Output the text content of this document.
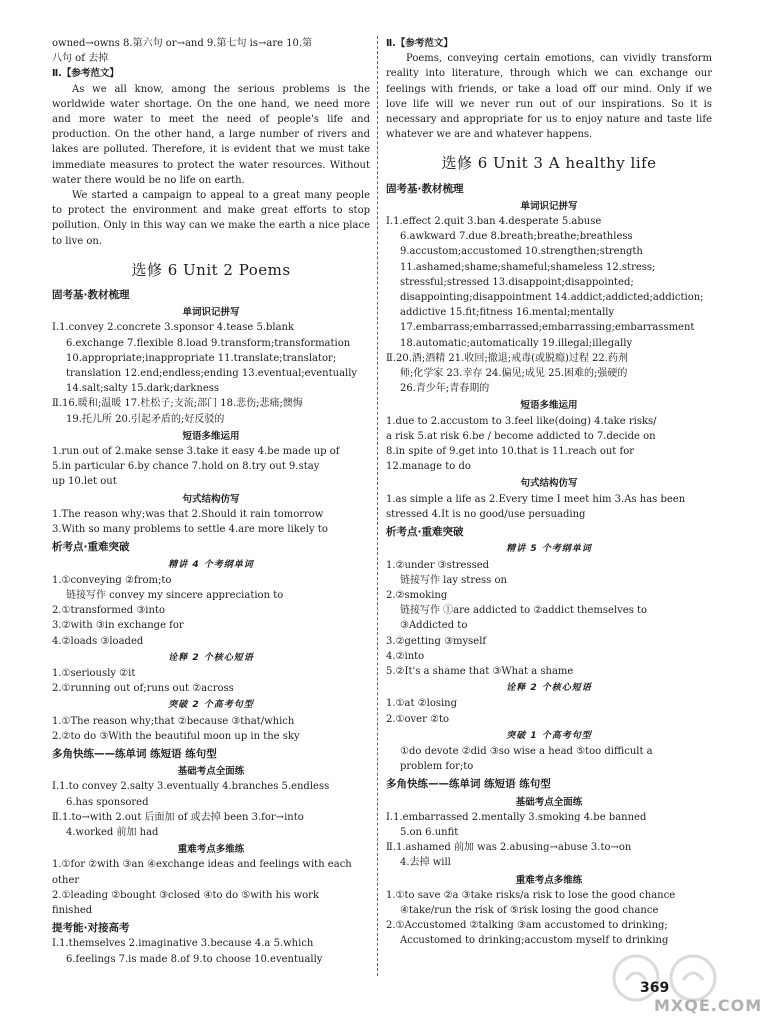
owned→owns 8.第六句 or→and 9.第七句 is→are 10.第
八句 of 去掉
Ⅱ.【参考范文】
As we all know, among the serious problems is the worldwide water shortage. On the one hand, we need more and more water to meet the need of people's life and production. On the other hand, a large number of rivers and lakes are polluted. Therefore, it is evident that we must take immediate measures to protect the water resources. Without water there would be no life on earth.
We started a campaign to appeal to a great many people to protect the environment and make great efforts to stop pollution. Only in this way can we make the earth a nice place to live on.
选修 6 Unit 2 Poems
固考基·教材梳理
单词识记拼写
Ⅰ.1.convey 2.concrete 3.sponsor 4.tease 5.blank
6.exchange 7.flexible 8.load 9.transform;transformation
10.appropriate;inappropriate 11.translate;translator;
translation 12.end;endless;ending 13.eventual;eventually
14.salt;salty 15.dark;darkness
Ⅱ.16.暖和;温暖 17.杜松子;支流;部门 18.悲伤;悲痛;懊悔
19.托儿所 20.引起矛盾的;好反驳的
短语多维运用
1.run out of 2.make sense 3.take it easy 4.be made up of
5.in particular 6.by chance 7.hold on 8.try out 9.stay
up 10.let out
句式结构仿写
1.The reason why;was that 2.Should it rain tomorrow
3.With so many problems to settle 4.are more likely to
析考点·重难突破
精讲 4 个考纲单词
1.①conveying ②from;to
链接写作 convey my sincere appreciation to
2.①transformed ③into
3.②with ③in exchange for
4.②loads ③loaded
诠释 2 个核心短语
1.①seriously ②it
2.①running out of;runs out ②across
突破 2 个高考句型
1.①The reason why;that ②because ③that/which
2.②to do ③With the beautiful moon up in the sky
多角快练——练单词 练短语 练句型
基础考点全面练
Ⅰ.1.to convey 2.salty 3.eventually 4.branches 5.endless
6.has sponsored
Ⅱ.1.to→with 2.out 后面加 of 或去掉 been 3.for→into
4.worked 前加 had
重难考点多维练
1.①for ②with ③an ④exchange ideas and feelings with each
other
2.①leading ②bought ③closed ④to do ⑤with his work
finished
提考能·对接高考
Ⅰ.1.themselves 2.imaginative 3.because 4.a 5.which
6.feelings 7.is made 8.of 9.to choose 10.eventually
Ⅱ.【参考范文】
Poems, conveying certain emotions, can vividly transform reality into literature, through which we can exchange our feelings with friends, or take a load off our mind. Only if we love life will we never run out of our inspirations. So it is necessary and appropriate for us to enjoy nature and taste life whatever we are and whatever happens.
选修 6 Unit 3 A healthy life
固考基·教材梳理
单词识记拼写
Ⅰ.1.effect 2.quit 3.ban 4.desperate 5.abuse
6.awkward 7.due 8.breath;breathe;breathless
9.accustom;accustomed 10.strengthen;strength
11.ashamed;shame;shameful;shameless 12.stress;
stressful;stressed 13.disappoint;disappointed;
disappointing;disappointment 14.addict;addicted;addiction;
addictive 15.fit;fitness 16.mental;mentally
17.embarrass;embarrassed;embarrassing;embarrassment
18.automatic;automatically 19.illegal;illegally
Ⅱ.20.酒;酒精 21.收回;撤退;戒毒(或脱瘾)过程 22.药剂
师;化学家 23.幸存 24.偏见;成见 25.困难的;强硬的
26.青少年;青春期的
短语多维运用
1.due to 2.accustom to 3.feel like(doing) 4.take risks/
a risk 5.at risk 6.be / become addicted to 7.decide on
8.in spite of 9.get into 10.that is 11.reach out for
12.manage to do
句式结构仿写
1.as simple a life as 2.Every time I meet him 3.As has been
stressed 4.It is no good/use persuading
析考点·重难突破
精讲 5 个考纲单词
1.②under ③stressed
链接写作 lay stress on
2.②smoking
链接写作 ①are addicted to ②addict themselves to
③Addicted to
3.②getting ③myself
4.②into
5.②It's a shame that ③What a shame
诠释 2 个核心短语
1.①at ②losing
2.①over ②to
突破 1 个高考句型
①do devote ②did ③so wise a head ⑤too difficult a
problem for;to
多角快练——练单词 练短语 练句型
基础考点全面练
Ⅰ.1.embarrassed 2.mentally 3.smoking 4.be banned
5.on 6.unfit
Ⅱ.1.ashamed 前加 was 2.abusing→abuse 3.to→on
4.去掉 will
重难考点多维练
1.①to save ②a ③take risks/a risk to lose the good chance
④take/run the risk of ⑤risk losing the good chance
2.①Accustomed ②talking ③am accustomed to drinking;
Accustomed to drinking;accustom myself to drinking
MXQE.COM
369
